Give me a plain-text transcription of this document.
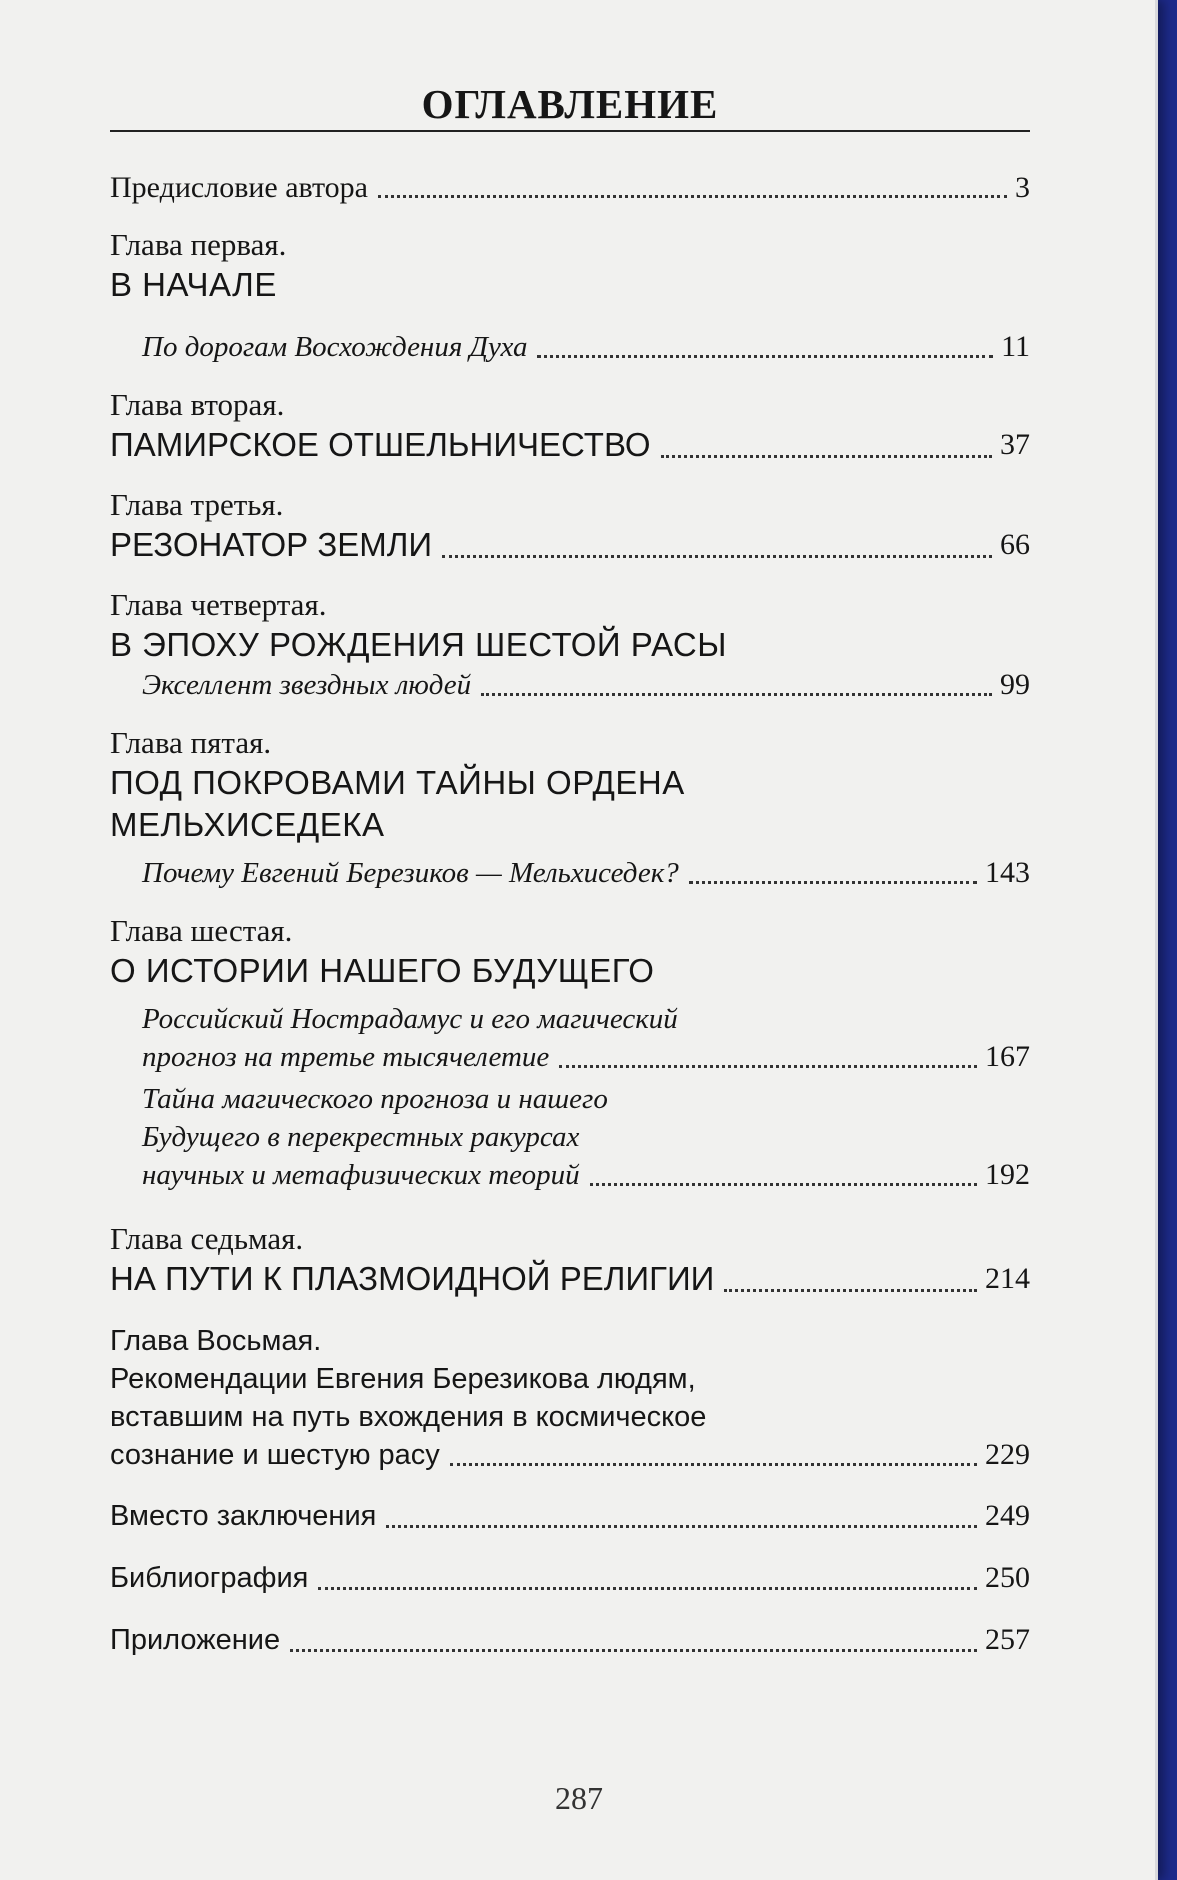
ОГЛАВЛЕНИЕ
Предисловие автора	3
Глава первая.
В НАЧАЛЕ
По дорогам Восхождения Духа	11
Глава вторая.
ПАМИРСКОЕ ОТШЕЛЬНИЧЕСТВО	37
Глава третья.
РЕЗОНАТОР ЗЕМЛИ	66
Глава четвертая.
В ЭПОХУ РОЖДЕНИЯ ШЕСТОЙ РАСЫ
Экселлент звездных людей	99
Глава пятая.
ПОД ПОКРОВАМИ ТАЙНЫ ОРДЕНА
МЕЛЬХИСЕДЕКА
Почему Евгений Березиков — Мельхиседек?	143
Глава шестая.
О ИСТОРИИ НАШЕГО БУДУЩЕГО
Российский Нострадамус и его магический
прогноз на третье тысячелетие	167
Тайна магического прогноза и нашего
Будущего в перекрестных ракурсах
научных и метафизических теорий	192
Глава седьмая.
НА ПУТИ К ПЛАЗМОИДНОЙ РЕЛИГИИ	214
Глава Восьмая.
Рекомендации Евгения Березикова людям,
вставшим на путь вхождения в космическое
сознание и шестую расу	229
Вместо заключения	249
Библиография	250
Приложение	257
287
